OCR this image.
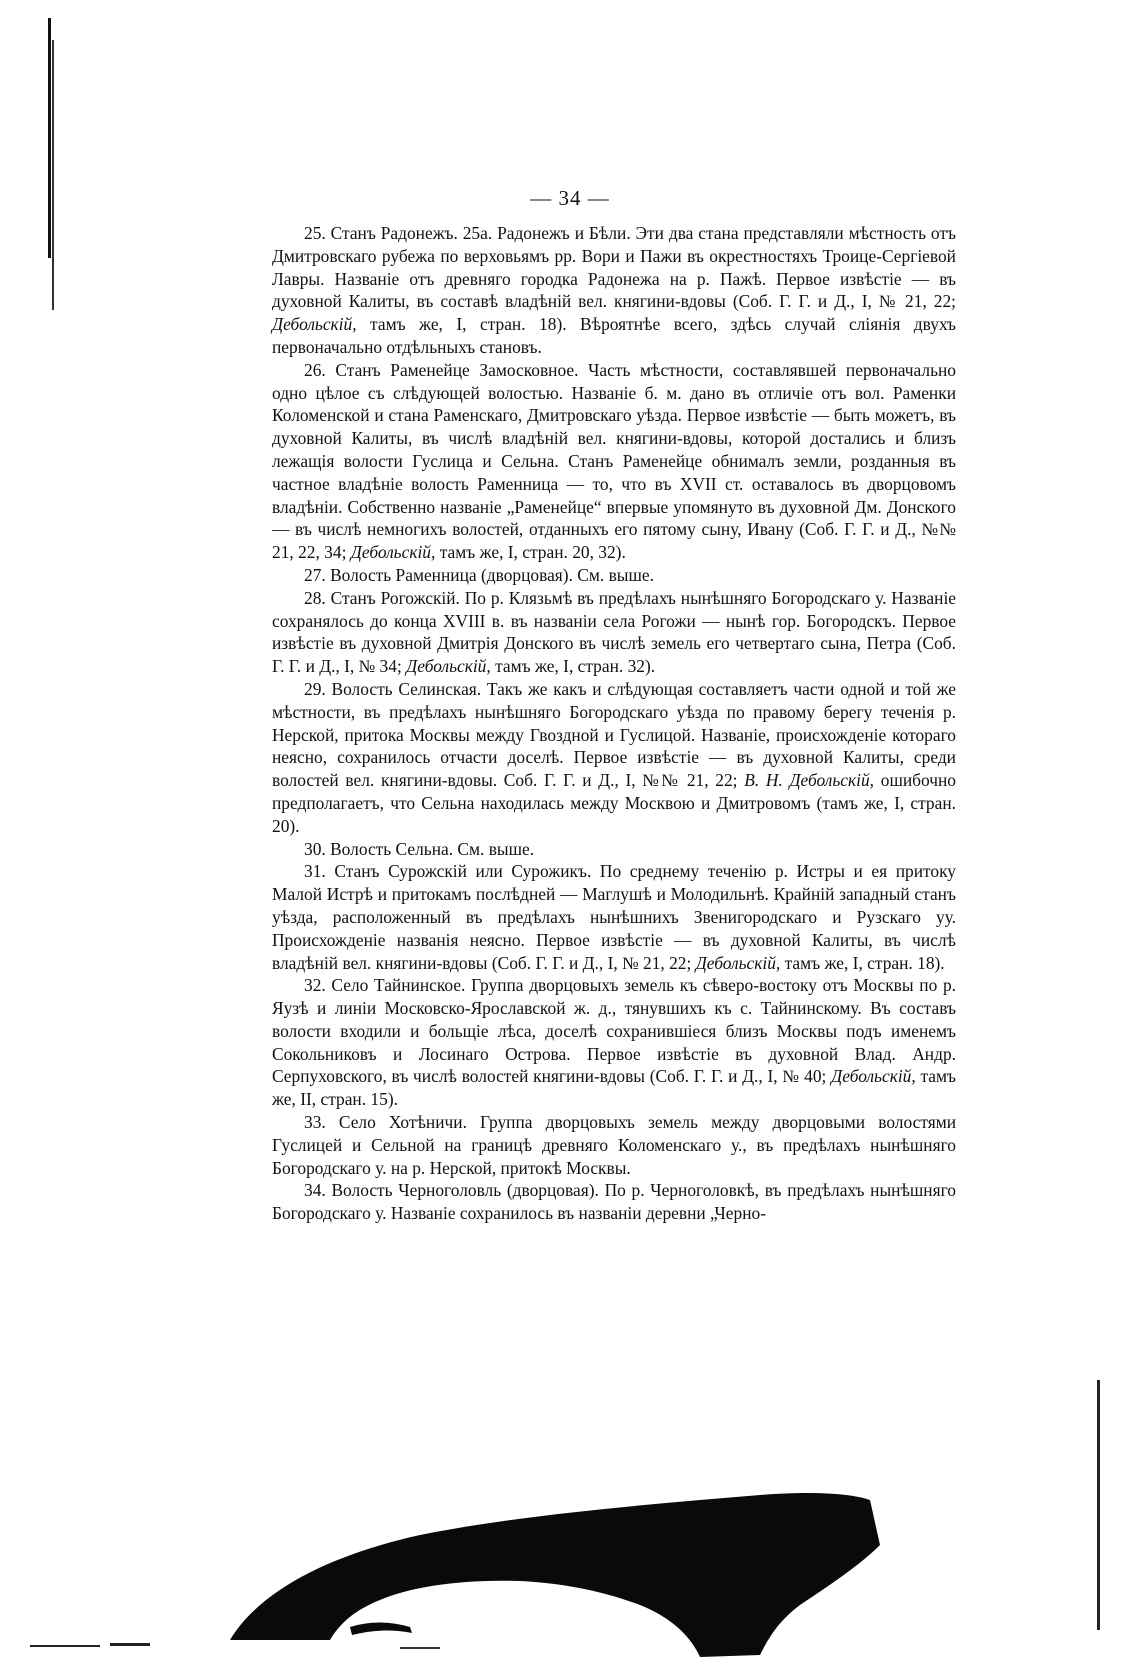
— 34 —

25. Станъ Радонежъ. 25а. Радонежъ и Бѣли. Эти два стана представляли мѣстность отъ Дмитровскаго рубежа по верховьямъ рр. Вори и Пажи въ окрестностяхъ Троице-Сергіевой Лавры. Названіе отъ древняго городка Радонежа на р. Пажѣ. Первое извѣстіе — въ духовной Калиты, въ составѣ владѣній вел. княгини-вдовы (Соб. Г. Г. и Д., I, № 21, 22; Дебольскій, тамъ же, I, стран. 18). Вѣроятнѣе всего, здѣсь случай сліянія двухъ первоначально отдѣльныхъ становъ.

26. Станъ Раменейце Замосковное. Часть мѣстности, составлявшей первоначально одно цѣлое съ слѣдующей волостью. Названіе б. м. дано въ отличіе отъ вол. Раменки Коломенской и стана Раменскаго, Дмитровскаго уѣзда. Первое извѣстіе — быть можетъ, въ духовной Калиты, въ числѣ владѣній вел. княгини-вдовы, которой достались и близъ лежащія волости Гуслица и Сельна. Станъ Раменейце обнималъ земли, розданныя въ частное владѣніе волость Раменница — то, что въ XVII ст. оставалось въ дворцовомъ владѣніи. Собственно названіе „Раменейце“ впервые упомянуто въ духовной Дм. Донского — въ числѣ немногихъ волостей, отданныхъ его пятому сыну, Ивану (Соб. Г. Г. и Д., №№ 21, 22, 34; Дебольскій, тамъ же, I, стран. 20, 32).

27. Волость Раменница (дворцовая). См. выше.

28. Станъ Рогожскій. По р. Клязьмѣ въ предѣлахъ нынѣшняго Богородскаго у. Названіе сохранялось до конца XVIII в. въ названіи села Рогожи — нынѣ гор. Богородскъ. Первое извѣстіе въ духовной Дмитрія Донского въ числѣ земель его четвертаго сына, Петра (Соб. Г. Г. и Д., I, № 34; Дебольскій, тамъ же, I, стран. 32).

29. Волость Селинская. Такъ же какъ и слѣдующая составляетъ части одной и той же мѣстности, въ предѣлахъ нынѣшняго Богородскаго уѣзда по правому берегу теченія р. Нерской, притока Москвы между Гвоздной и Гуслицой. Названіе, происхожденіе котораго неясно, сохранилось отчасти доселѣ. Первое извѣстіе — въ духовной Калиты, среди волостей вел. княгини-вдовы. Соб. Г. Г. и Д., I, №№ 21, 22; В. Н. Дебольскій, ошибочно предполагаетъ, что Сельна находилась между Москвою и Дмитровомъ (тамъ же, I, стран. 20).

30. Волость Сельна. См. выше.

31. Станъ Сурожскій или Сурожикъ. По среднему теченію р. Истры и ея притоку Малой Истрѣ и притокамъ послѣдней — Маглушѣ и Молодильнѣ. Крайній западный станъ уѣзда, расположенный въ предѣлахъ нынѣшнихъ Звенигородскаго и Рузскаго уу. Происхожденіе названія неясно. Первое извѣстіе — въ духовной Калиты, въ числѣ владѣній вел. княгини-вдовы (Соб. Г. Г. и Д., I, № 21, 22; Дебольскій, тамъ же, I, стран. 18).

32. Село Тайнинское. Группа дворцовыхъ земель къ сѣверо-востоку отъ Москвы по р. Яузѣ и линіи Московско-Ярославской ж. д., тянувшихъ къ с. Тайнинскому. Въ составъ волости входили и больщіе лѣса, доселѣ сохранившіеся близъ Москвы подъ именемъ Сокольниковъ и Лосинаго Острова. Первое извѣстіе въ духовной Влад. Андр. Серпуховского, въ числѣ волостей княгини-вдовы (Соб. Г. Г. и Д., I, № 40; Дебольскій, тамъ же, II, стран. 15).

33. Село Хотѣничи. Группа дворцовыхъ земель между дворцовыми волостями Гуслицей и Сельной на границѣ древняго Коломенскаго у., въ предѣлахъ нынѣшняго Богородскаго у. на р. Нерской, притокѣ Москвы.

34. Волость Черноголовль (дворцовая). По р. Черноголовкѣ, въ предѣлахъ нынѣшняго Богородскаго у. Названіе сохранилось въ названіи деревни „Черно-
